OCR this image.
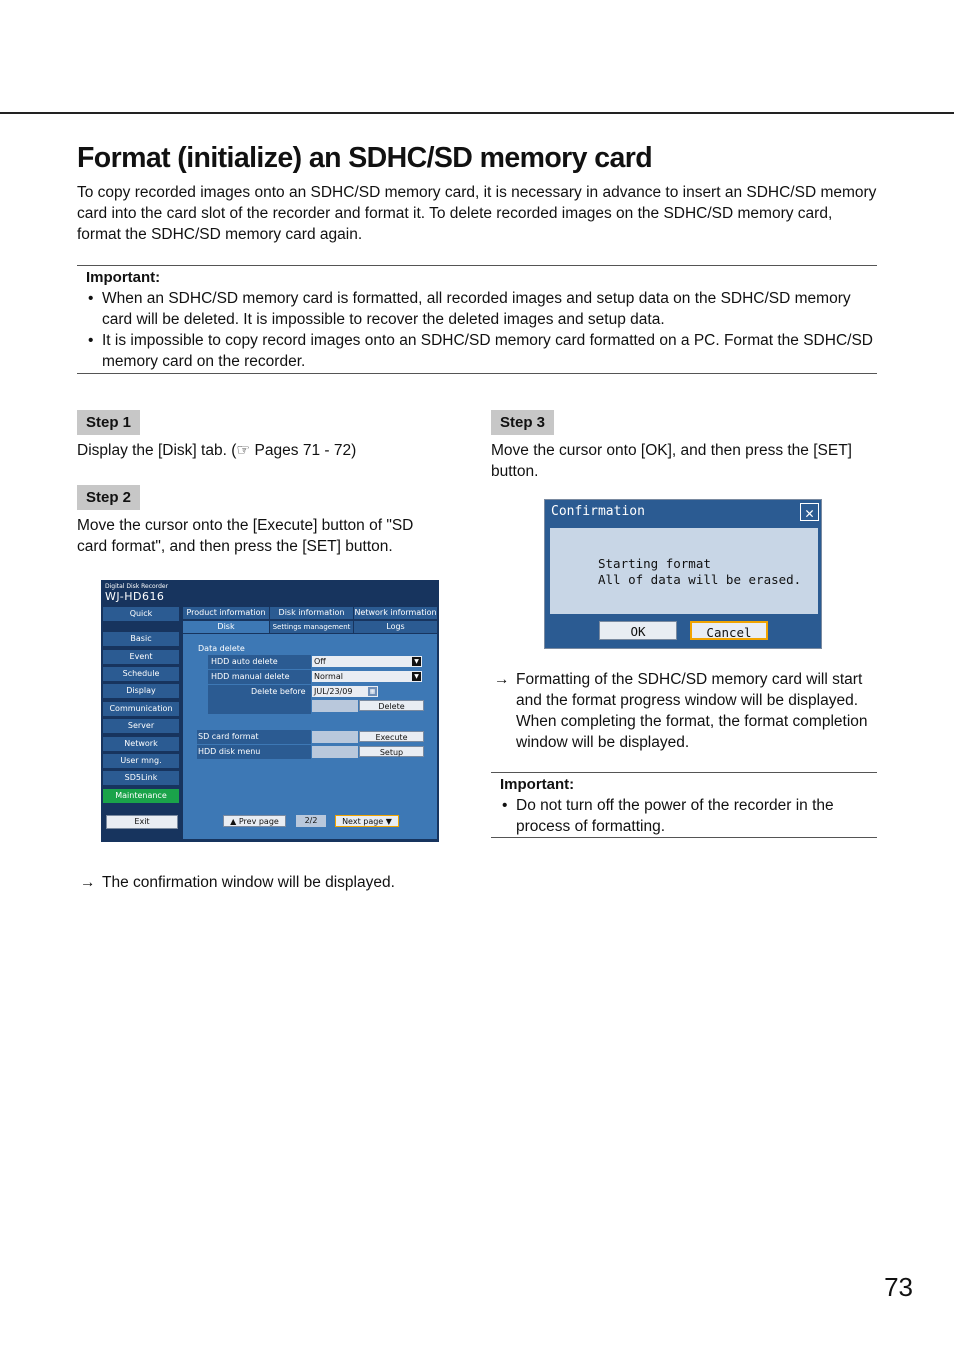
Format (initialize) an SDHC/SD memory card

To copy recorded images onto an SDHC/SD memory card, it is necessary in advance to insert an SDHC/SD memory card into the card slot of the recorder and format it. To delete recorded images on the SDHC/SD memory card, format the SDHC/SD memory card again.

Important:

• When an SDHC/SD memory card is formatted, all recorded images and setup data on the SDHC/SD memory card will be deleted. It is impossible to recover the deleted images and setup data.
• It is impossible to copy record images onto an SDHC/SD memory card formatted on a PC. Format the SDHC/SD memory card on the recorder.
Step 1

Display the [Disk] tab. (☞ Pages 71 - 72)

Step 2

Move the cursor onto the [Execute] button of "SD card format", and then press the [SET] button.

Digital Disk Recorder
WJ-HD616
Quick
Basic
Event
Schedule
Display
Communication
Server
Network
User mng.
SD5Link
Maintenance
Exit
Product information	Disk information	Network information
Disk	Settings management	Logs
Data delete
HDD auto delete	Off	▼
HDD manual delete	Normal	▼
Delete before JUL/23/09	▦
Delete
SD card format	Execute
HDD disk menu	Setup
▲ Prev page	2/2	Next page ▼

→ The confirmation window will be displayed.

Step 3

Move the cursor onto [OK], and then press the [SET] button.

Confirmation	✕
Starting format
All of data will be erased.
OK	Cancel

→ Formatting of the SDHC/SD memory card will start and the format progress window will be displayed. When completing the format, the format completion window will be displayed.

Important:

• Do not turn off the power of the recorder in the process of formatting.
73
